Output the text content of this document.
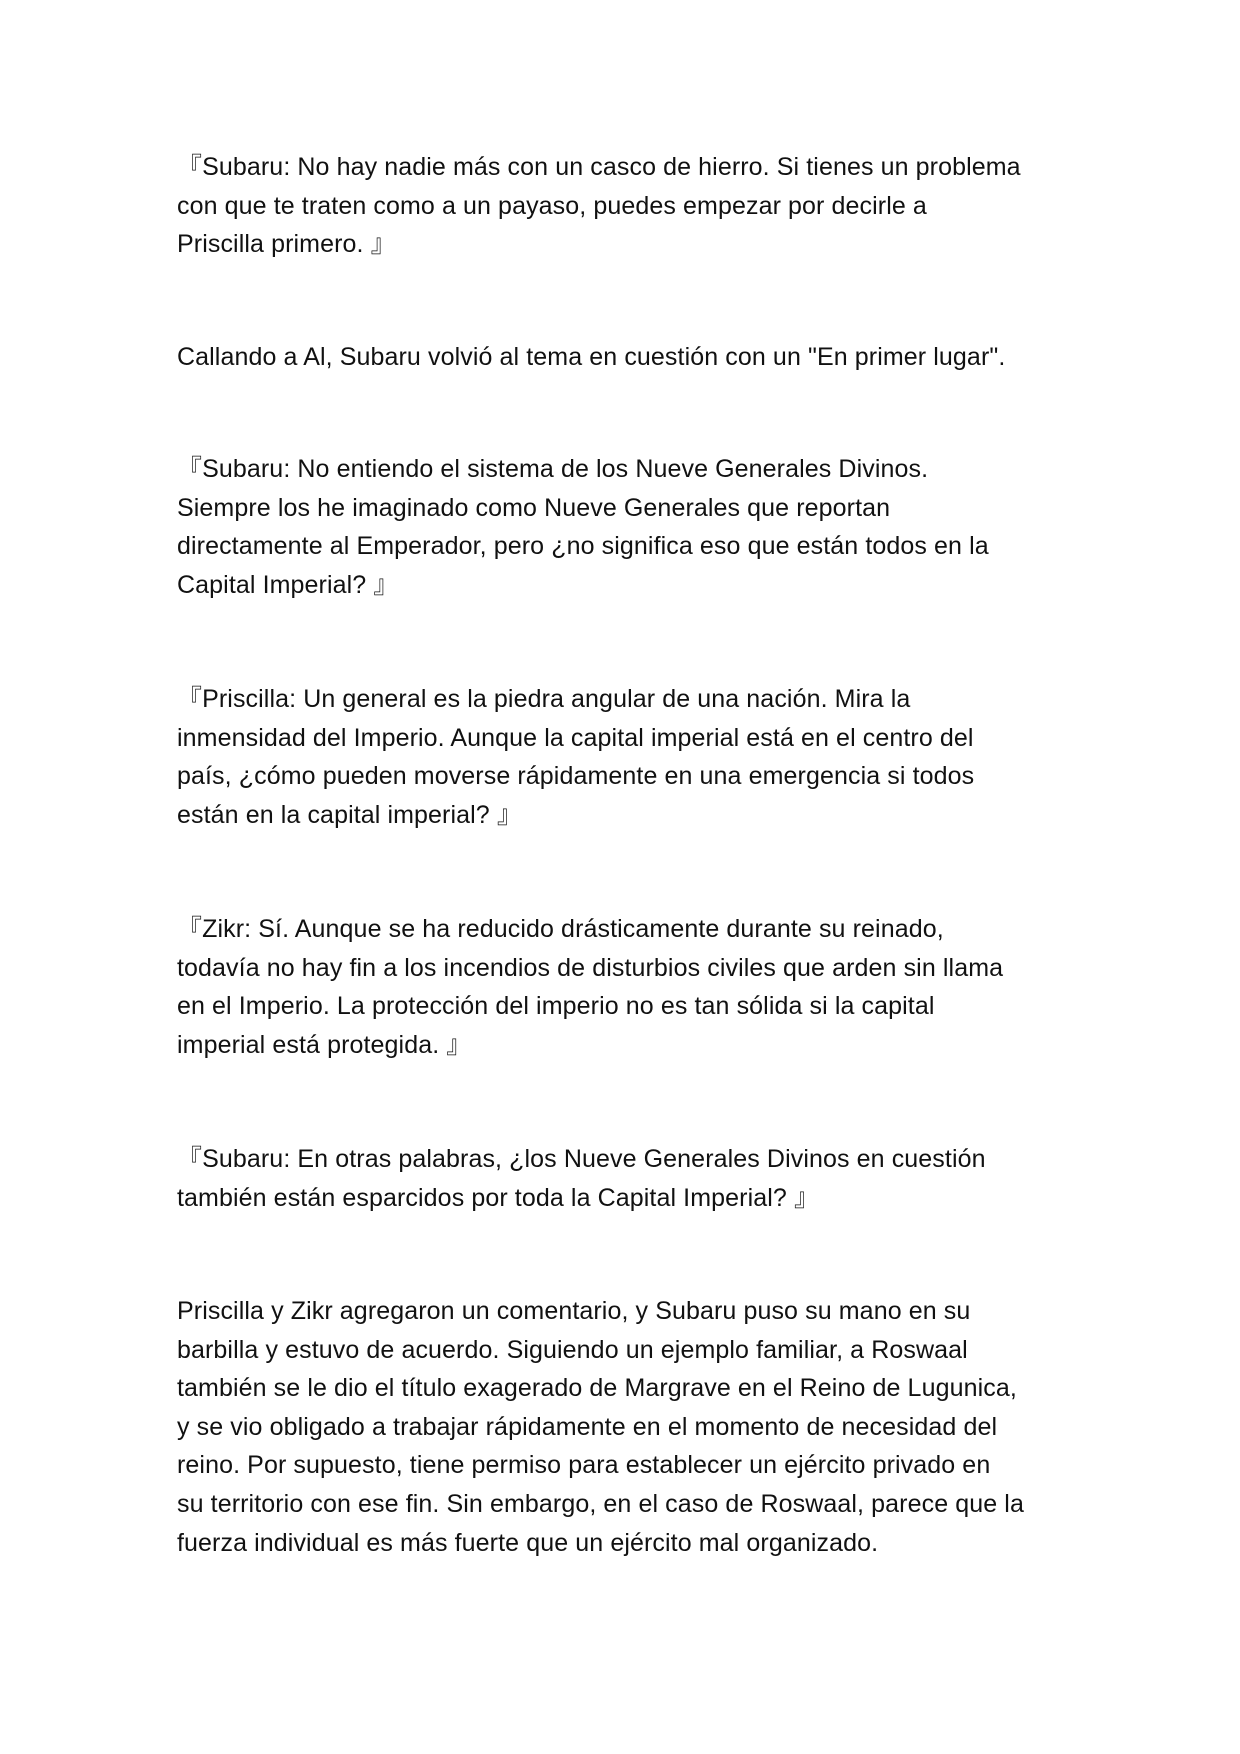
『Subaru: No hay nadie más con un casco de hierro. Si tienes un problema
con que te traten como a un payaso, puedes empezar por decirle a
Priscilla primero. 』

Callando a Al, Subaru volvió al tema en cuestión con un "En primer lugar".

『Subaru: No entiendo el sistema de los Nueve Generales Divinos.
Siempre los he imaginado como Nueve Generales que reportan
directamente al Emperador, pero ¿no significa eso que están todos en la
Capital Imperial? 』

『Priscilla: Un general es la piedra angular de una nación. Mira la
inmensidad del Imperio. Aunque la capital imperial está en el centro del
país, ¿cómo pueden moverse rápidamente en una emergencia si todos
están en la capital imperial? 』

『Zikr: Sí. Aunque se ha reducido drásticamente durante su reinado,
todavía no hay fin a los incendios de disturbios civiles que arden sin llama
en el Imperio. La protección del imperio no es tan sólida si la capital
imperial está protegida. 』

『Subaru: En otras palabras, ¿los Nueve Generales Divinos en cuestión
también están esparcidos por toda la Capital Imperial? 』

Priscilla y Zikr agregaron un comentario, y Subaru puso su mano en su
barbilla y estuvo de acuerdo. Siguiendo un ejemplo familiar, a Roswaal
también se le dio el título exagerado de Margrave en el Reino de Lugunica,
y se vio obligado a trabajar rápidamente en el momento de necesidad del
reino. Por supuesto, tiene permiso para establecer un ejército privado en
su territorio con ese fin. Sin embargo, en el caso de Roswaal, parece que la
fuerza individual es más fuerte que un ejército mal organizado.
